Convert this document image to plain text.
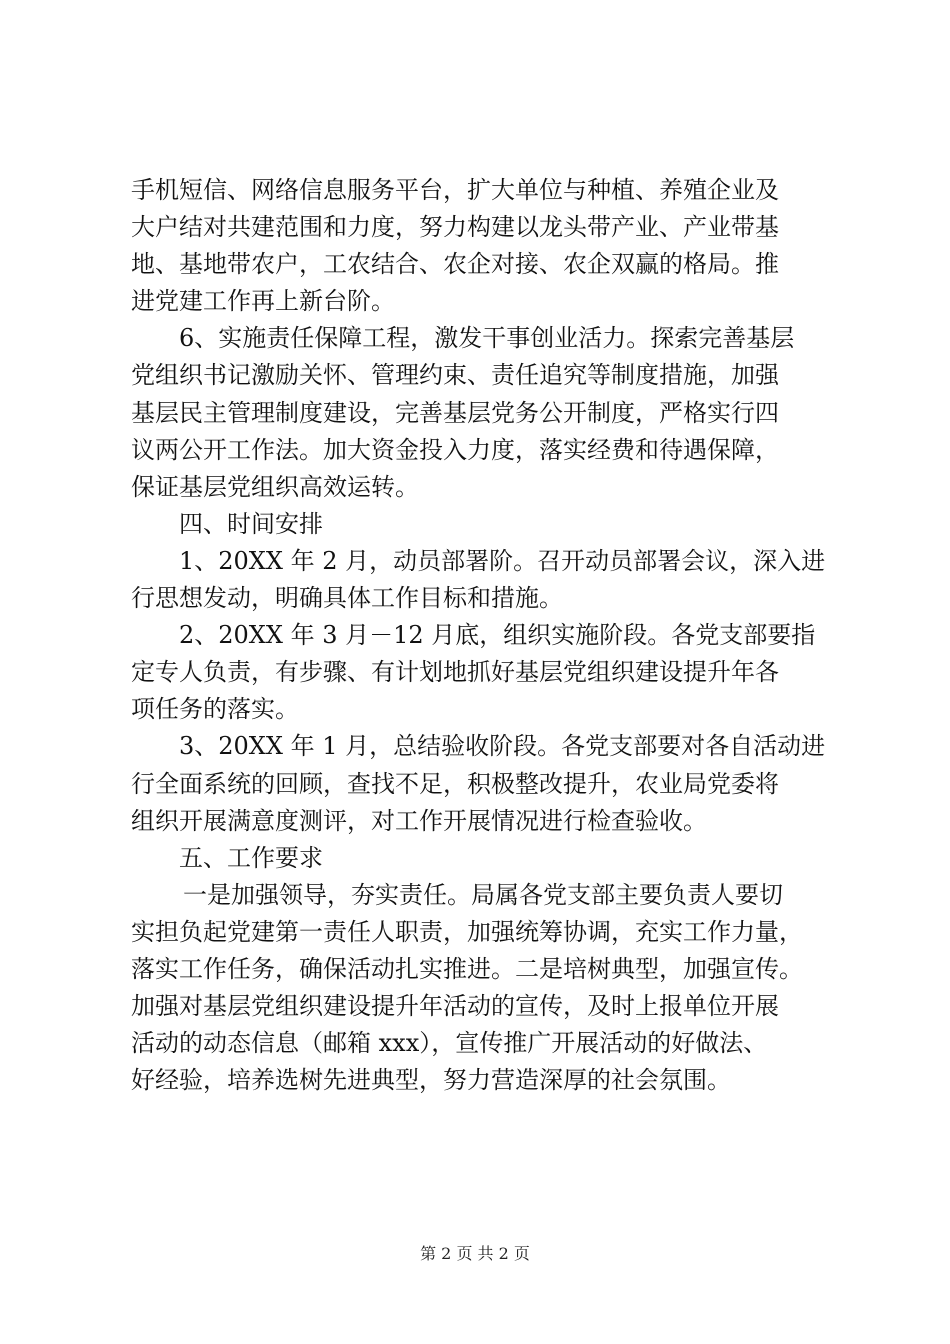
手机短信、网络信息服务平台，扩大单位与种植、养殖企业及
大户结对共建范围和力度，努力构建以龙头带产业、产业带基
地、基地带农户，工农结合、农企对接、农企双赢的格局。推
进党建工作再上新台阶。
6、实施责任保障工程，激发干事创业活力。探索完善基层
党组织书记激励关怀、管理约束、责任追究等制度措施，加强
基层民主管理制度建设，完善基层党务公开制度，严格实行四
议两公开工作法。加大资金投入力度，落实经费和待遇保障，
保证基层党组织高效运转。
四、时间安排
1、20XX 年 2 月，动员部署阶。召开动员部署会议，深入进
行思想发动，明确具体工作目标和措施。
2、20XX 年 3 月－12 月底，组织实施阶段。各党支部要指
定专人负责，有步骤、有计划地抓好基层党组织建设提升年各
项任务的落实。
3、20XX 年 1 月，总结验收阶段。各党支部要对各自活动进
行全面系统的回顾，查找不足，积极整改提升，农业局党委将
组织开展满意度测评，对工作开展情况进行检查验收。
五、工作要求
一是加强领导，夯实责任。局属各党支部主要负责人要切
实担负起党建第一责任人职责，加强统筹协调，充实工作力量，
落实工作任务，确保活动扎实推进。二是培树典型，加强宣传。
加强对基层党组织建设提升年活动的宣传，及时上报单位开展
活动的动态信息（邮箱 xxx），宣传推广开展活动的好做法、
好经验，培养选树先进典型，努力营造深厚的社会氛围。
第 2 页 共 2 页
